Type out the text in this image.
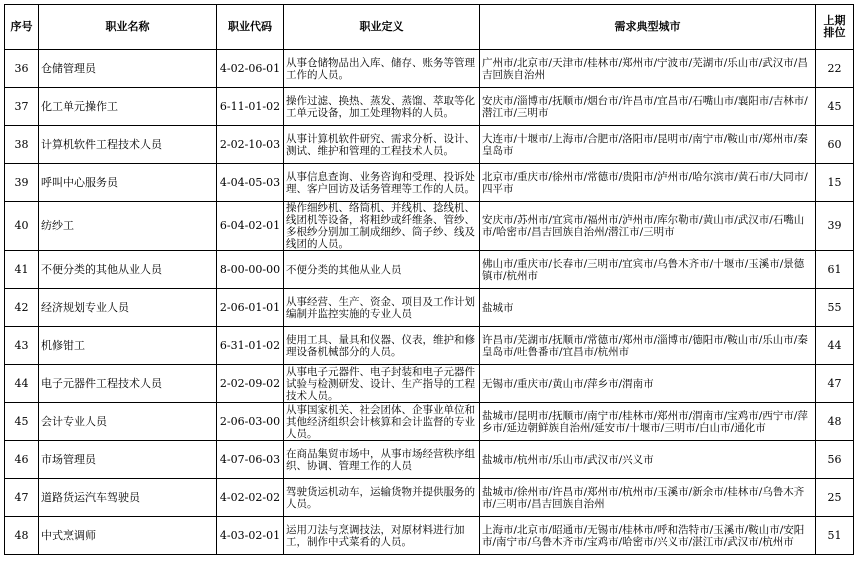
序号	职业名称	职业代码	职业定义	需求典型城市	上期排位
36	仓储管理员	4-02-06-01	从事仓储物品出入库、储存、账务等管理工作的人员。	广州市/北京市/天津市/桂林市/郑州市/宁波市/芜湖市/乐山市/武汉市/昌吉回族自治州	22
37	化工单元操作工	6-11-01-02	操作过滤、换热、蒸发、蒸馏、萃取等化工单元设备，加工处理物料的人员。	安庆市/淄博市/抚顺市/烟台市/许昌市/宜昌市/石嘴山市/襄阳市/吉林市/潜江市/三明市	45
38	计算机软件工程技术人员	2-02-10-03	从事计算机软件研究、需求分析、设计、测试、维护和管理的工程技术人员。	大连市/十堰市/上海市/合肥市/洛阳市/昆明市/南宁市/鞍山市/郑州市/秦皇岛市	60
39	呼叫中心服务员	4-04-05-03	从事信息查询、业务咨询和受理、投诉处理、客户回访及话务管理等工作的人员。	北京市/重庆市/徐州市/常德市/贵阳市/泸州市/哈尔滨市/黄石市/大同市/四平市	15
40	纺纱工	6-04-02-01	操作细纱机、络筒机、并线机、捻线机、线团机等设备，将粗纱或纤维条、管纱、多根纱分别加工制成细纱、筒子纱、线及线团的人员。	安庆市/苏州市/宜宾市/福州市/泸州市/库尔勒市/黄山市/武汉市/石嘴山市/哈密市/昌吉回族自治州/潜江市/三明市	39
41	不便分类的其他从业人员	8-00-00-00	不便分类的其他从业人员	佛山市/重庆市/长春市/三明市/宜宾市/乌鲁木齐市/十堰市/玉溪市/景德镇市/杭州市	61
42	经济规划专业人员	2-06-01-01	从事经营、生产、资金、项目及工作计划编制并监控实施的专业人员	盐城市	55
43	机修钳工	6-31-01-02	使用工具、量具和仪器、仪表，维护和修理设备机械部分的人员。	许昌市/芜湖市/抚顺市/常德市/郑州市/淄博市/德阳市/鞍山市/乐山市/秦皇岛市/吐鲁番市/宜昌市/杭州市	44
44	电子元器件工程技术人员	2-02-09-02	从事电子元器件、电子封装和电子元器件试验与检测研发、设计、生产指导的工程技术人员。	无锡市/重庆市/黄山市/萍乡市/渭南市	47
45	会计专业人员	2-06-03-00	从事国家机关、社会团体、企事业单位和其他经济组织会计核算和会计监督的专业人员。	盐城市/昆明市/抚顺市/南宁市/桂林市/郑州市/渭南市/宝鸡市/西宁市/萍乡市/延边朝鲜族自治州/延安市/十堰市/三明市/白山市/通化市	48
46	市场管理员	4-07-06-03	在商品集贸市场中，从事市场经营秩序组织、协调、管理工作的人员	盐城市/杭州市/乐山市/武汉市/兴义市	56
47	道路货运汽车驾驶员	4-02-02-02	驾驶货运机动车，运输货物并提供服务的人员。	盐城市/徐州市/许昌市/郑州市/杭州市/玉溪市/新余市/桂林市/乌鲁木齐市/三明市/昌吉回族自治州	25
48	中式烹调师	4-03-02-01	运用刀法与烹调技法，对原材料进行加工，制作中式菜肴的人员。	上海市/北京市/昭通市/无锡市/桂林市/呼和浩特市/玉溪市/鞍山市/安阳市/南宁市/乌鲁木齐市/宝鸡市/哈密市/兴义市/湛江市/武汉市/杭州市	51
